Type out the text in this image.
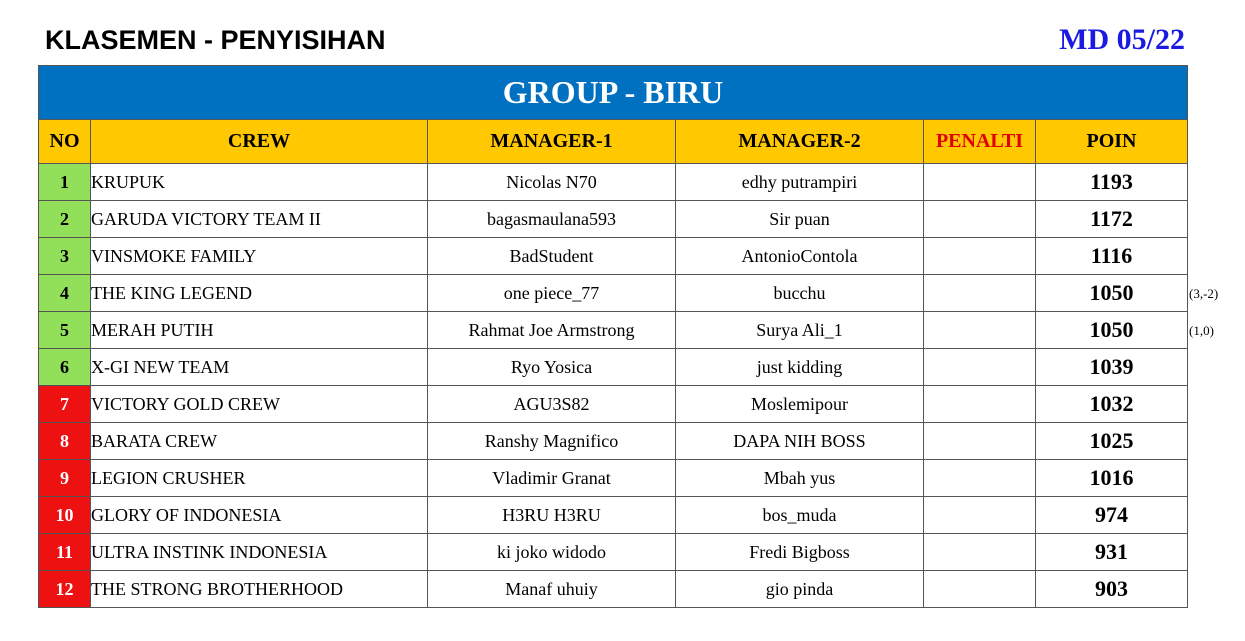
KLASEMEN - PENYISIHAN	MD 05/22
GROUP - BIRU					
NO	CREW	MANAGER-1	MANAGER-2	PENALTI	POIN
1	KRUPUK	Nicolas N70	edhy putrampiri		1193
2	GARUDA VICTORY TEAM II	bagasmaulana593	Sir puan		1172
3	VINSMOKE FAMILY	BadStudent	AntonioContola		1116
4	THE KING LEGEND	one piece_77	bucchu		1050
5	MERAH PUTIH	Rahmat Joe Armstrong	Surya Ali_1		1050
6	X-GI NEW TEAM	Ryo Yosica	just kidding		1039
7	VICTORY GOLD CREW	AGU3S82	Moslemipour		1032
8	BARATA CREW	Ranshy Magnifico	DAPA NIH BOSS		1025
9	LEGION CRUSHER	Vladimir Granat	Mbah yus		1016
10	GLORY OF INDONESIA	H3RU H3RU	bos_muda		974
11	ULTRA INSTINK INDONESIA	ki joko widodo	Fredi Bigboss		931
12	THE STRONG BROTHERHOOD	Manaf uhuiy	gio pinda		903
(3,-2)
(1,0)
